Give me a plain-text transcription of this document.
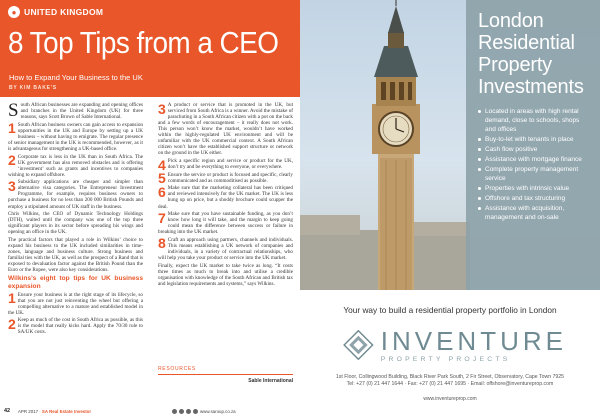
● UNITED KINGDOM
8 Top Tips from a CEO
How to Expand Your Business to the UK
BY KIM BAKE'S

South African businesses are expanding and opening offices and branches in the United Kingdom (UK) for three reasons, says Scott Brown of Sable International.

1 South African business owners can gain access to expansion opportunities in the UK and Europe by setting up a UK business – without having to emigrate. The regular presence of senior management in the UK is recommended, however, as it is advantageous for strengthening a UK-based office.

2 Corporate tax is less in the UK than in South Africa. The UK government has also removed obstacles and is offering ‘investment’ such as grants and incentives to companies wishing to expand offshore.

3 Subsidiary applications are cheaper and simpler than alternative visa categories. The Entrepreneur Investment Programme, for example, requires business owners to purchase a business for no less than 200 000 British Pounds and employ a stipulated amount of UK staff in the business.

Chris Wilkins, the CEO of Dynamic Technology Holdings (DTH), waited until the company was one of the top three significant players in its sector before spreading his wings and opening an office in the UK.

The practical factors that played a role in Wilkins’ choice to expand his business to the UK included similarities in time-zones, language and business culture. Strong business and familial ties with the UK, as well as the prospect of a Rand that is exposed to devaluation factor against the British Pound than the Euro or the Rupee, were also key considerations.

Wilkins’s eight top tips for UK business expansion
1 Ensure your business is at the right stage of its lifecycle, so that you are not just reinventing the wheel but offering a compelling alternative to a mature and established model in the UK.

2 Keep as much of the cost in South Africa as possible, as this is the model that really kicks hard. Apply the 70/30 rule to SA/UK costs.

3 A product or service that is promoted in the UK, but serviced from South Africa is a winner. Avoid the mistake of parachuting in a South African citizen with a pot on the back and a few words of encouragement – it really does not work. This person won’t know the market, wouldn’t have worked within the highly-regulated UK environment and will be unfamiliar with the UK commercial context. A South African citizen won’t have the established support structure or network on the ground in the UK either.

4 Pick a specific region and service or product for the UK, don’t try and be everything to everyone, or everywhere.

5 Ensure the service or product is focused and specific, clearly communicated and as commoditised as possible.

6 Make sure that the marketing collateral has been critiqued and reviewed intensively for the UK market. The UK is less hung up on price, but a shoddy brochure could scupper the deal.

7 Make sure that you have sustainable funding, as you don’t know how long it will take, and the margin to keep going could mean the difference between success or failure in breaking into the UK market.

8 Craft an approach using partners, channels and individuals. This means establishing a UK network of companies and individuals, in a variety of contractual relationships, who will help you take your product or service into the UK market.

Finally, expect the UK market to take twice as long. “It costs three times as much to break into and utilise a credible organisation with knowledge of the South African and British tax and legislation requirements and systems,” says Wilkins.

RESOURCES
Sable International
42 APR 2017 · SA Real Estate Investor	www.saroup.co.za
London
Residential
Property
Investments
Located in areas with high rental demand, close to schools, shops and offices
Buy-to-let with tenants in place
Cash flow positive
Assistance with mortgage finance
Complete property management service
Properties with intrinsic value
Offshore and tax structuring
Assistance with acquisition, management and on-sale
Your way to build a residential property portfolio in London
INVENTURE
PROPERTY PROJECTS
1st Floor, Collingwood Building, Black River Park South, 2 Fir Street, Observatory, Cape Town 7925
Tel: +27 (0) 21 447 1644 · Fax: +27 (0) 21 447 1695 · Email: offshore@inventureprop.com
www.inventureprop.com
